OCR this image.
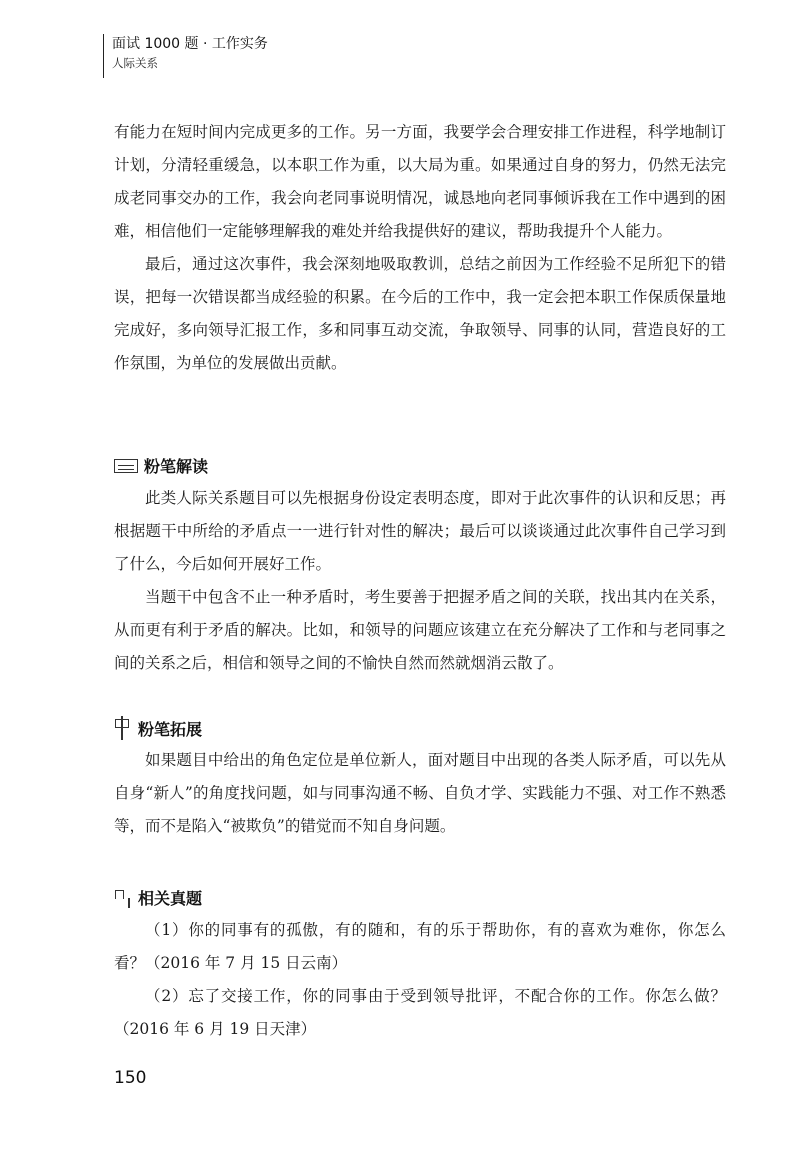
面试 1000 题 · 工作实务
人际关系

有能力在短时间内完成更多的工作。另一方面，我要学会合理安排工作进程，科学地制订计划，分清轻重缓急，以本职工作为重，以大局为重。如果通过自身的努力，仍然无法完成老同事交办的工作，我会向老同事说明情况，诚恳地向老同事倾诉我在工作中遇到的困难，相信他们一定能够理解我的难处并给我提供好的建议，帮助我提升个人能力。

最后，通过这次事件，我会深刻地吸取教训，总结之前因为工作经验不足所犯下的错误，把每一次错误都当成经验的积累。在今后的工作中，我一定会把本职工作保质保量地完成好，多向领导汇报工作，多和同事互动交流，争取领导、同事的认同，营造良好的工作氛围，为单位的发展做出贡献。

粉笔解读

此类人际关系题目可以先根据身份设定表明态度，即对于此次事件的认识和反思；再根据题干中所给的矛盾点一一进行针对性的解决；最后可以谈谈通过此次事件自己学习到了什么，今后如何开展好工作。

当题干中包含不止一种矛盾时，考生要善于把握矛盾之间的关联，找出其内在关系，从而更有利于矛盾的解决。比如，和领导的问题应该建立在充分解决了工作和与老同事之间的关系之后，相信和领导之间的不愉快自然而然就烟消云散了。

粉笔拓展

如果题目中给出的角色定位是单位新人，面对题目中出现的各类人际矛盾，可以先从自身“新人”的角度找问题，如与同事沟通不畅、自负才学、实践能力不强、对工作不熟悉等，而不是陷入“被欺负”的错觉而不知自身问题。

相关真题

（1）你的同事有的孤傲，有的随和，有的乐于帮助你，有的喜欢为难你，你怎么看？（2016 年 7 月 15 日云南）

（2）忘了交接工作，你的同事由于受到领导批评，不配合你的工作。你怎么做？（2016 年 6 月 19 日天津）

150
